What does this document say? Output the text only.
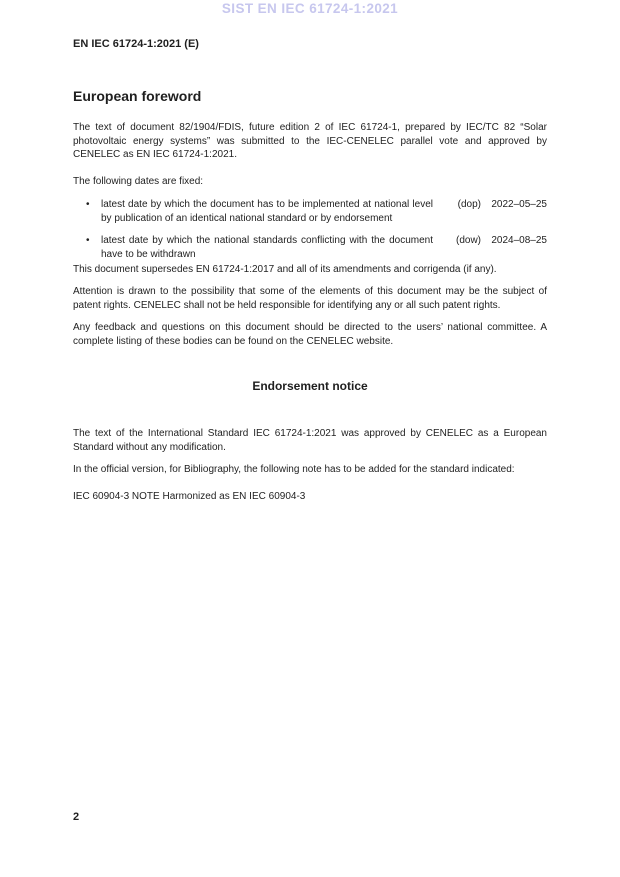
SIST EN IEC 61724-1:2021
EN IEC 61724-1:2021 (E)
European foreword

The text of document 82/1904/FDIS, future edition 2 of IEC 61724-1, prepared by IEC/TC 82 “Solar photovoltaic energy systems” was submitted to the IEC-CENELEC parallel vote and approved by CENELEC as EN IEC 61724-1:2021.

The following dates are fixed:

•	latest date by which the document has to be implemented at national level by publication of an identical national standard or by endorsement
(dop)	2022–05–25
•	latest date by which the national standards conflicting with the document have to be withdrawn
(dow)	2024–08–25

This document supersedes EN 61724-1:2017 and all of its amendments and corrigenda (if any).

Attention is drawn to the possibility that some of the elements of this document may be the subject of patent rights. CENELEC shall not be held responsible for identifying any or all such patent rights.

Any feedback and questions on this document should be directed to the users’ national committee. A complete listing of these bodies can be found on the CENELEC website.

Endorsement notice

The text of the International Standard IEC 61724-1:2021 was approved by CENELEC as a European Standard without any modification.

In the official version, for Bibliography, the following note has to be added for the standard indicated:

IEC 60904-3 NOTE Harmonized as EN IEC 60904-3

2
